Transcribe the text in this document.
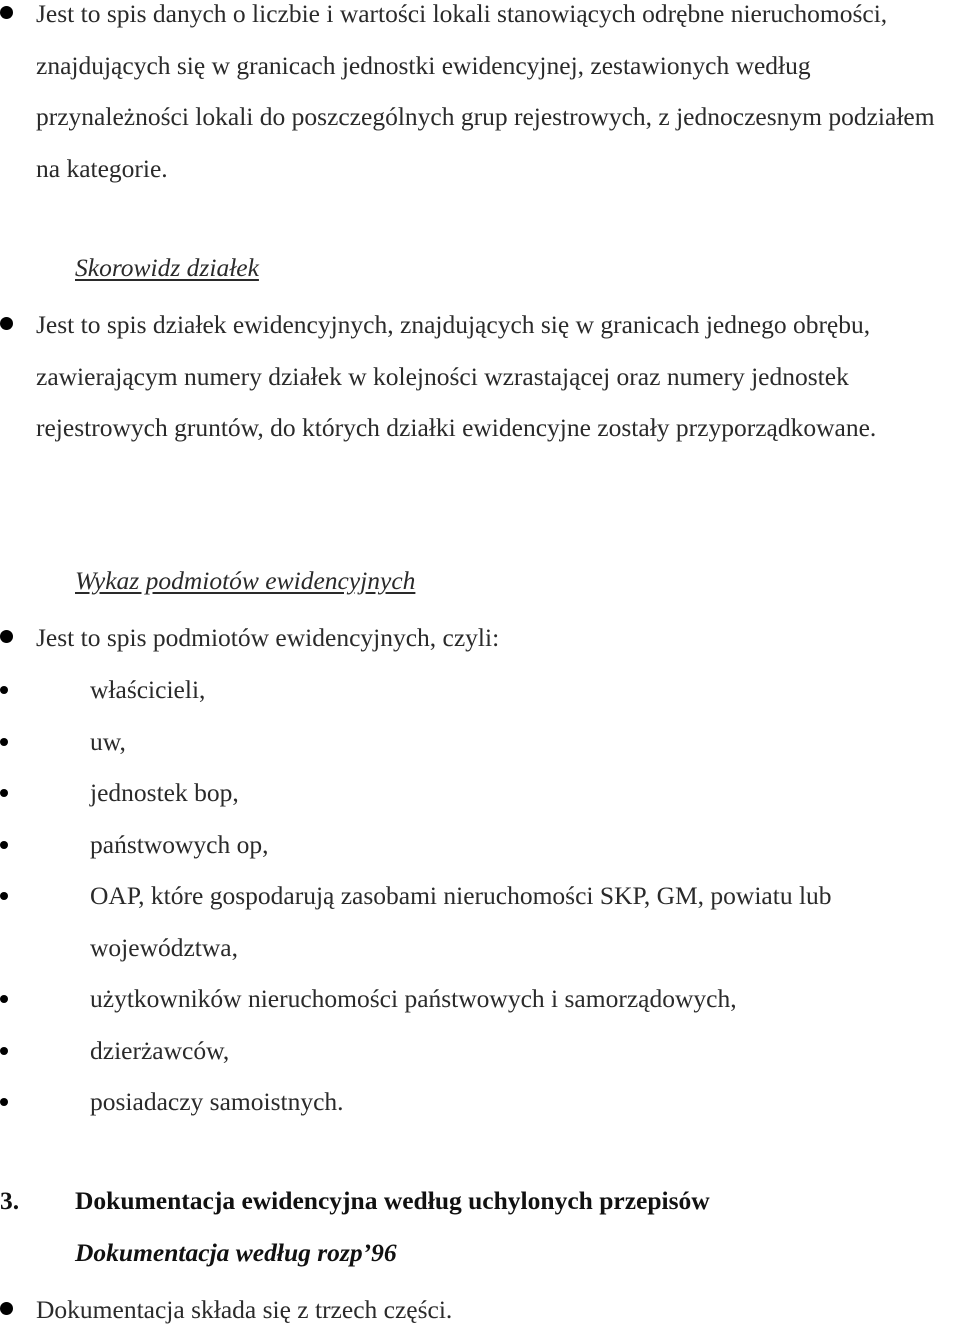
Jest to spis danych o liczbie i wartości lokali stanowiących odrębne nieruchomości, znajdujących się w granicach jednostki ewidencyjnej, zestawionych według przynależności lokali do poszczególnych grup rejestrowych, z jednoczesnym podziałem na kategorie.
Skorowidz działek
Jest to spis działek ewidencyjnych, znajdujących się w granicach jednego obrębu, zawierającym numery działek w kolejności wzrastającej oraz numery jednostek rejestrowych gruntów, do których działki ewidencyjne zostały przyporządkowane.
Wykaz podmiotów ewidencyjnych
Jest to spis podmiotów ewidencyjnych, czyli:
właścicieli,
uw,
jednostek bop,
państwowych op,
OAP, które gospodarują zasobami nieruchomości SKP, GM, powiatu lub województwa,
użytkowników nieruchomości państwowych i samorządowych,
dzierżawców,
posiadaczy samoistnych.
3.	Dokumentacja ewidencyjna według uchylonych przepisów
Dokumentacja według rozp’96
Dokumentacja składa się z trzech części.
